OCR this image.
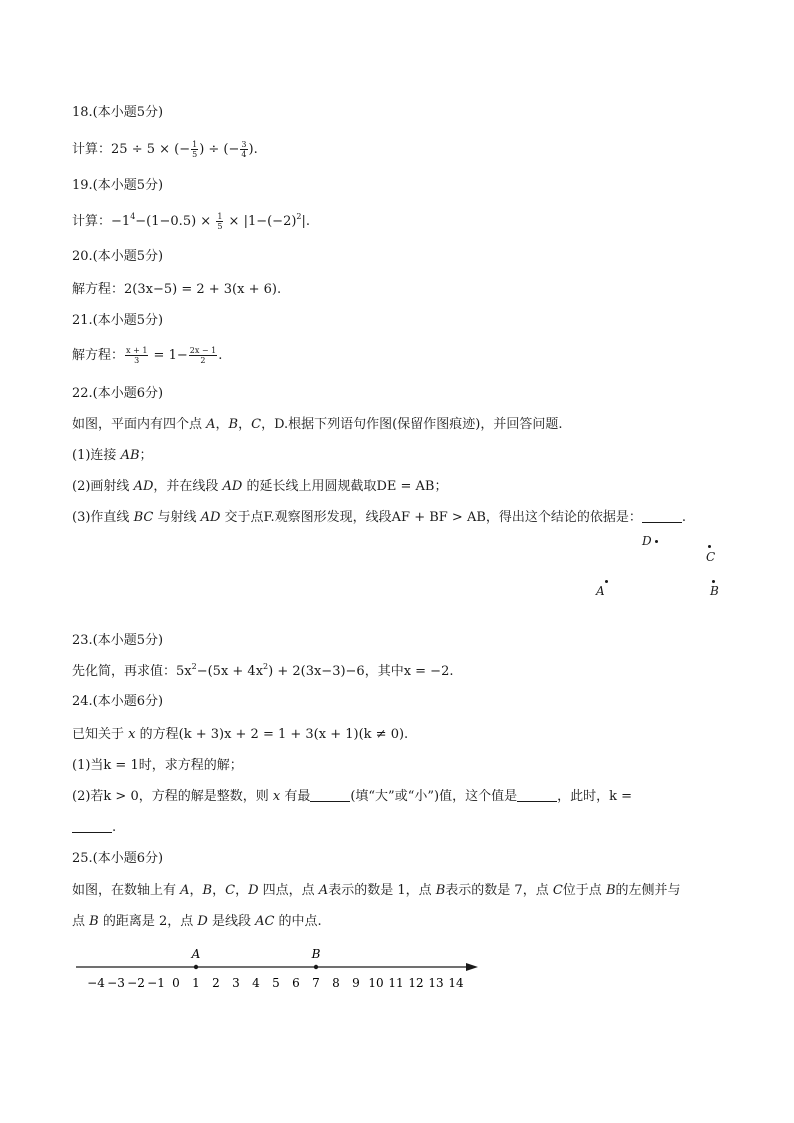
18.(本小题5分)
计算：25 ÷ 5 × (− $\frac{1}{5}$ ) ÷ (− $\frac{3}{4}$ ).
19.(本小题5分)
计算：$-1^4-(1-0.5) \times \frac{1}{5} \times |1-(-2)^2|$.
20.(本小题5分)
解方程：2(3x−5) = 2 + 3(x + 6).
21.(本小题5分)
解方程： $\frac{x + 1}{3} = 1- \frac{2x - 1}{2}$ .
22.(本小题6分)
如图，平面内有四个点 A，B，C，D.根据下列语句作图(保留作图痕迹)，并回答问题.
(1)连接 AB；
(2)画射线 AD，并在线段 AD 的延长线上用圆规截取DE = AB；
(3)作直线 BC 与射线 AD 交于点F.观察图形发现，线段AF + BF > AB，得出这个结论的依据是：	.
D
C
A	B
23.(本小题5分)
先化简，再求值：$5x^2-(5x + 4x^2) + 2(3x-3)-6$，其中x = −2.
24.(本小题6分)
已知关于 x 的方程(k + 3)x + 2 = 1 + 3(x + 1)(k ≠ 0).
(1)当k = 1时，求方程的解；
(2)若k > 0，方程的解是整数，则 x 有最	(填“大”或“小”)值，这个值是	，此时，k =
.
25.(本小题6分)
如图，在数轴上有 A，B，C，D 四点，点 A表示的数是 1，点 B表示的数是 7，点 C位于点 B的左侧并与
点 B 的距离是 2，点 D 是线段 AC 的中点.
A	B
−4 −3 −2 −1 0 1 2 3 4 5 6 7 8 9 10 11 12 13 14
